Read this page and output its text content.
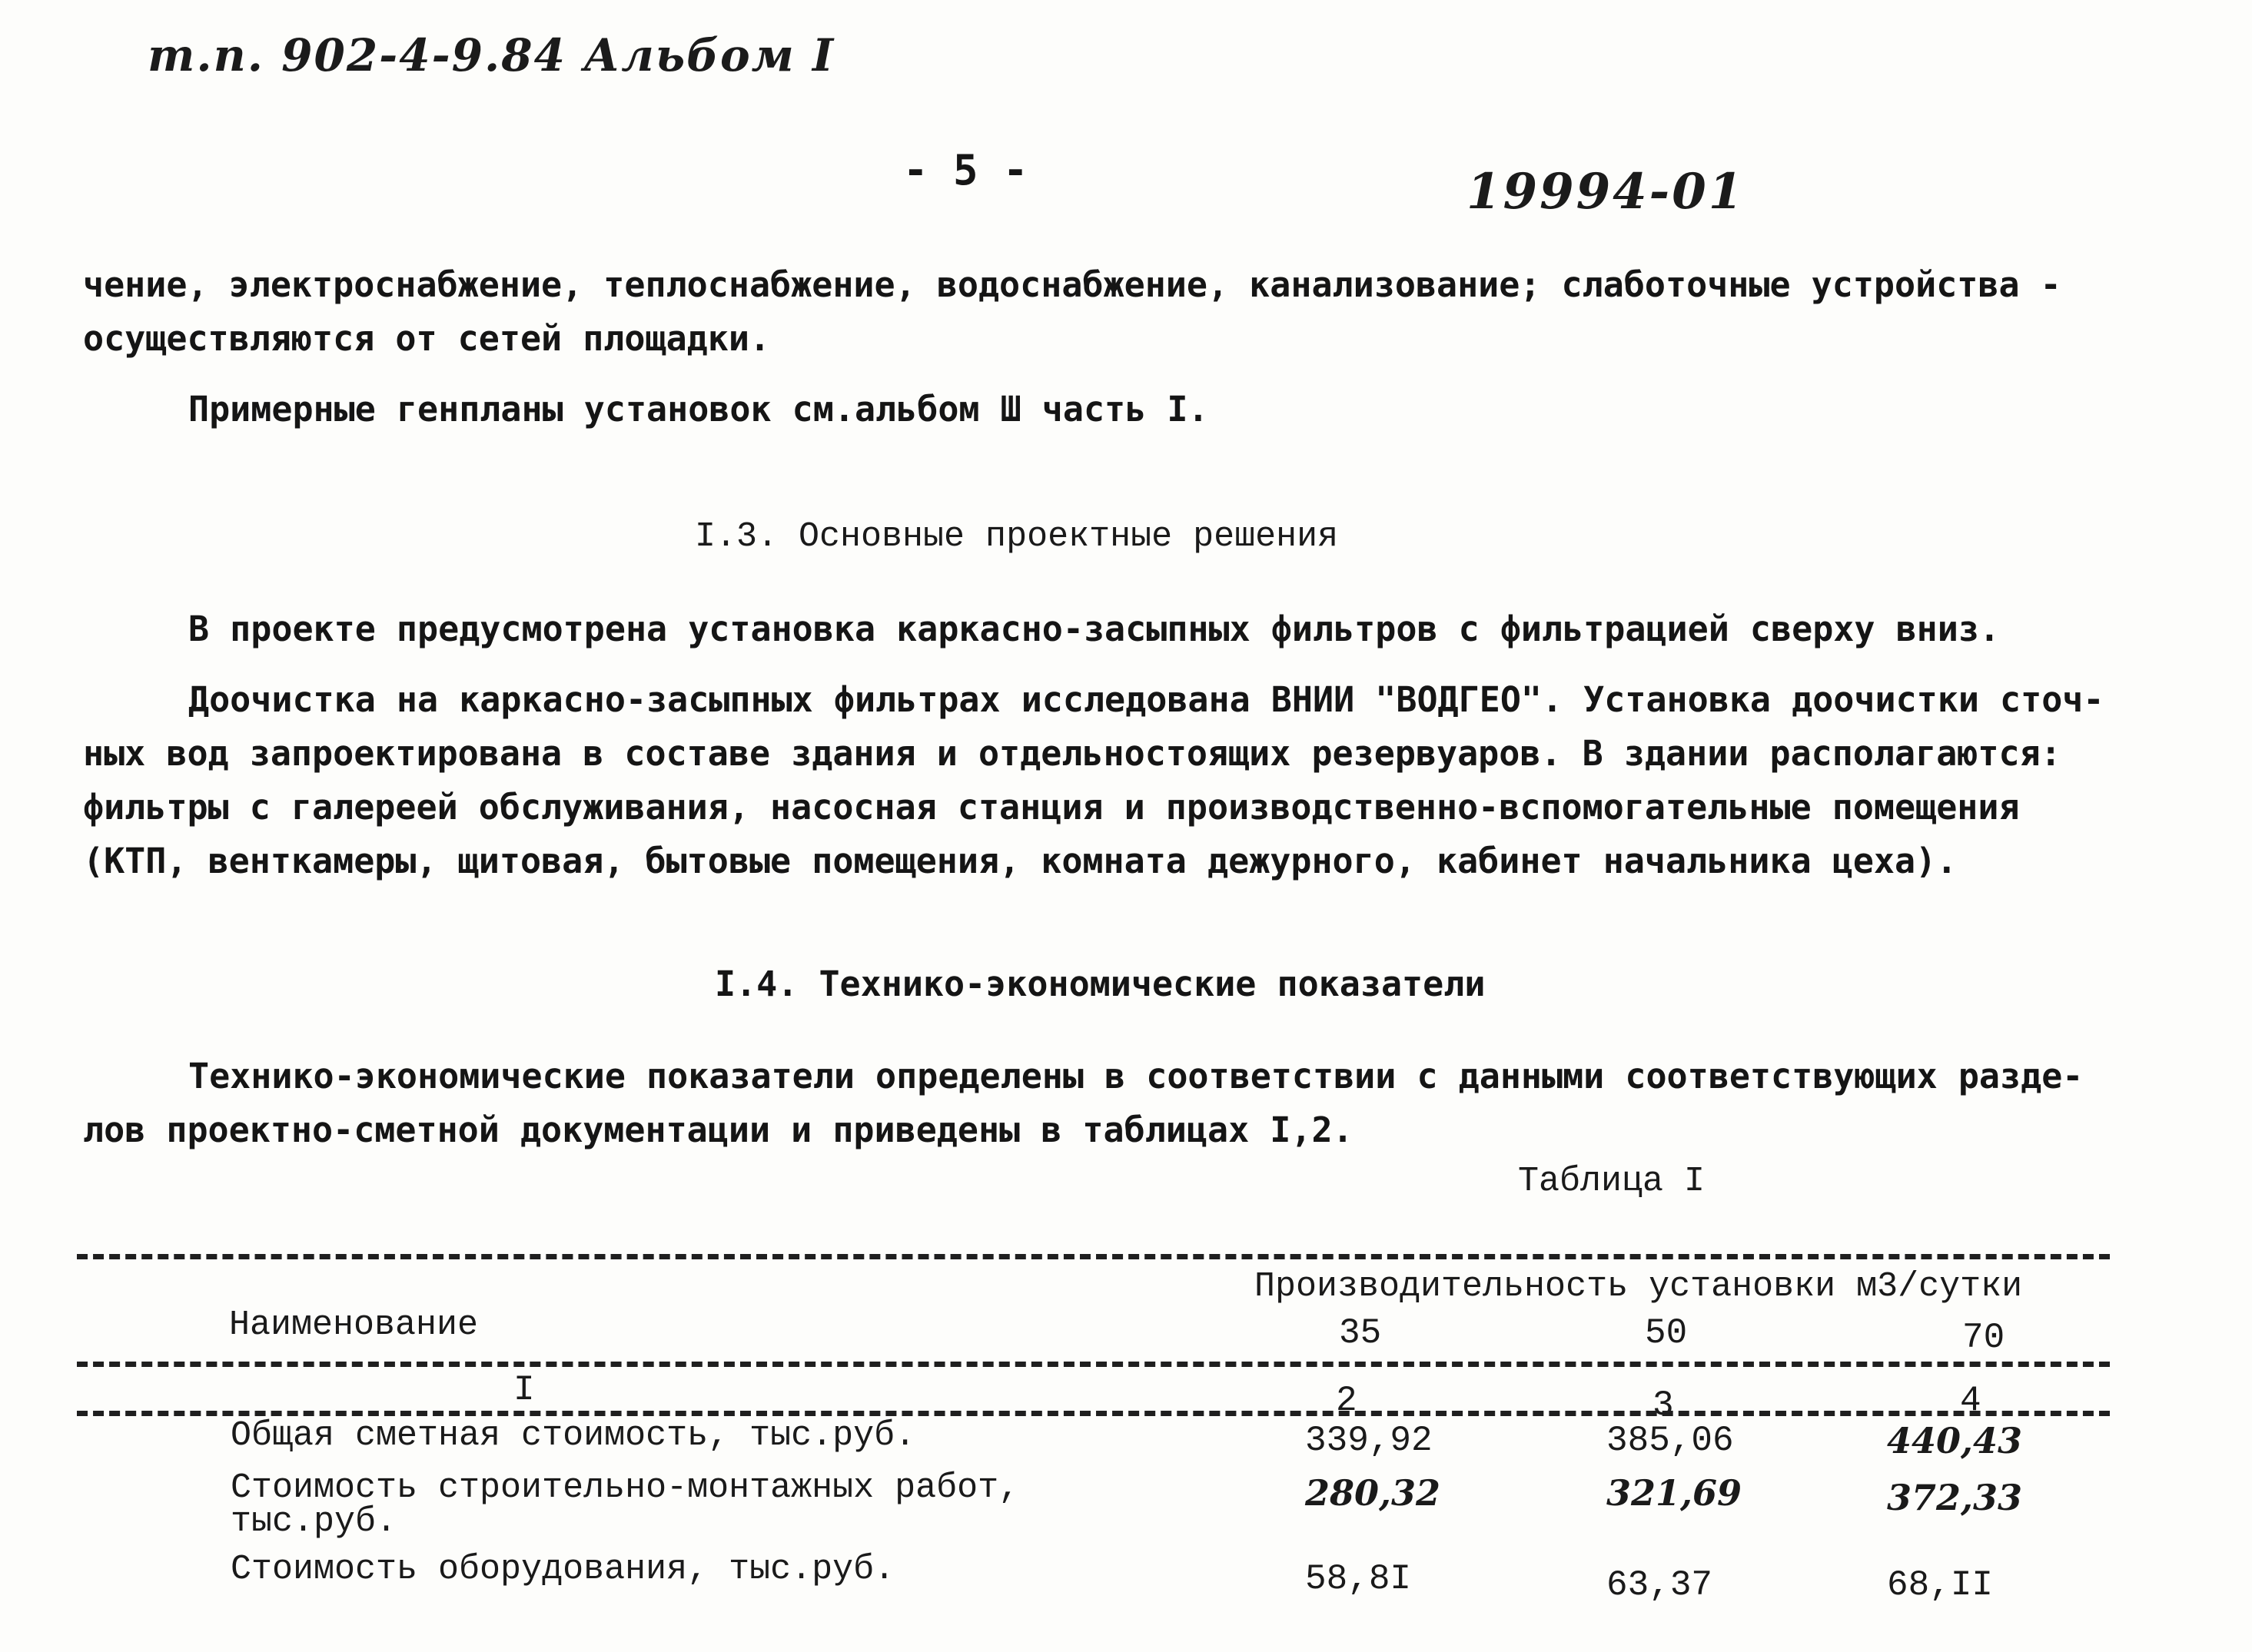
т.п. 902-4-9.84 Альбом I
- 5 -	19994-01
чение, электроснабжение, теплоснабжение, водоснабжение, канализование; слаботочные устройства -
осуществляются от сетей площадки.
Примерные генпланы установок см.альбом Ш часть I.
I.3. Основные проектные решения
В проекте предусмотрена установка каркасно-засыпных фильтров с фильтрацией сверху вниз.
Доочистка на каркасно-засыпных фильтрах исследована ВНИИ "ВОДГЕО". Установка доочистки сточ-
ных вод запроектирована в составе здания и отдельностоящих резервуаров. В здании располагаются:
фильтры с галереей обслуживания, насосная станция и производственно-вспомогательные помещения
(КТП, венткамеры, щитовая, бытовые помещения, комната дежурного, кабинет начальника цеха).
I.4. Технико-экономические показатели
Технико-экономические показатели определены в соответствии с данными соответствующих разде-
лов проектно-сметной документации и приведены в таблицах I,2.
Таблица I
Наименование
Производительность установки м3/сутки
35	50	70
I	2	3	4
Общая сметная стоимость, тыс.руб.	339,92	385,06	440,43
Стоимость строительно-монтажных работ,
тыс.руб.
280,32	321,69	372,33
Стоимость оборудования, тыс.руб.	58,8I	63,37	68,II
